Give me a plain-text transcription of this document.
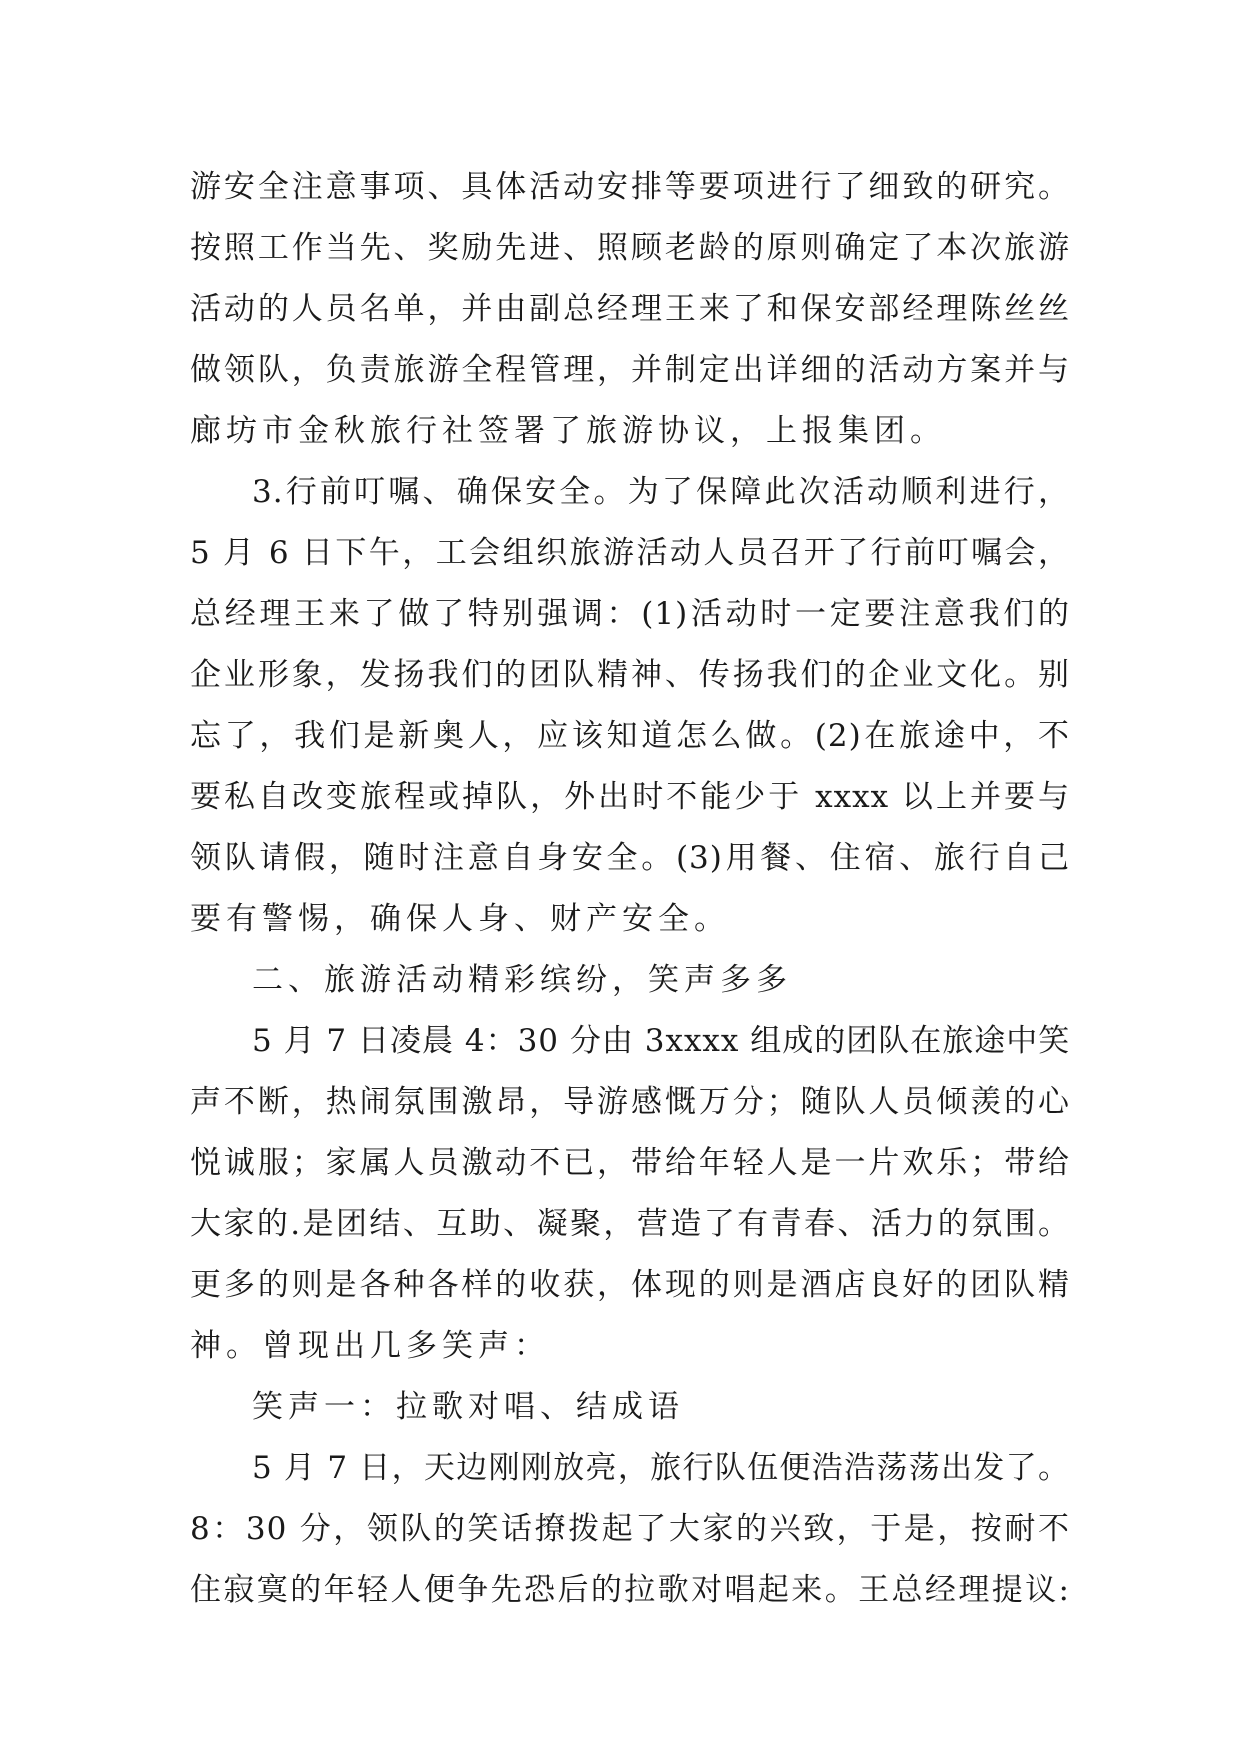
游安全注意事项、具体活动安排等要项进行了细致的研究。
按照工作当先、奖励先进、照顾老龄的原则确定了本次旅游
活动的人员名单，并由副总经理王来了和保安部经理陈丝丝
做领队，负责旅游全程管理，并制定出详细的活动方案并与
廊坊市金秋旅行社签署了旅游协议，上报集团。
3.行前叮嘱、确保安全。为了保障此次活动顺利进行，
5 月 6 日下午，工会组织旅游活动人员召开了行前叮嘱会，
总经理王来了做了特别强调：(1)活动时一定要注意我们的
企业形象，发扬我们的团队精神、传扬我们的企业文化。别
忘了，我们是新奥人，应该知道怎么做。(2)在旅途中，不
要私自改变旅程或掉队，外出时不能少于 xxxx 以上并要与
领队请假，随时注意自身安全。(3)用餐、住宿、旅行自己
要有警惕，确保人身、财产安全。
二、旅游活动精彩缤纷，笑声多多
5 月 7 日凌晨 4：30 分由 3xxxx 组成的团队在旅途中笑
声不断，热闹氛围激昂，导游感慨万分；随队人员倾羡的心
悦诚服；家属人员激动不已，带给年轻人是一片欢乐；带给
大家的.是团结、互助、凝聚，营造了有青春、活力的氛围。
更多的则是各种各样的收获，体现的则是酒店良好的团队精
神。曾现出几多笑声：
笑声一：拉歌对唱、结成语
5 月 7 日，天边刚刚放亮，旅行队伍便浩浩荡荡出发了。
8：30 分，领队的笑话撩拨起了大家的兴致，于是，按耐不
住寂寞的年轻人便争先恐后的拉歌对唱起来。王总经理提议:
